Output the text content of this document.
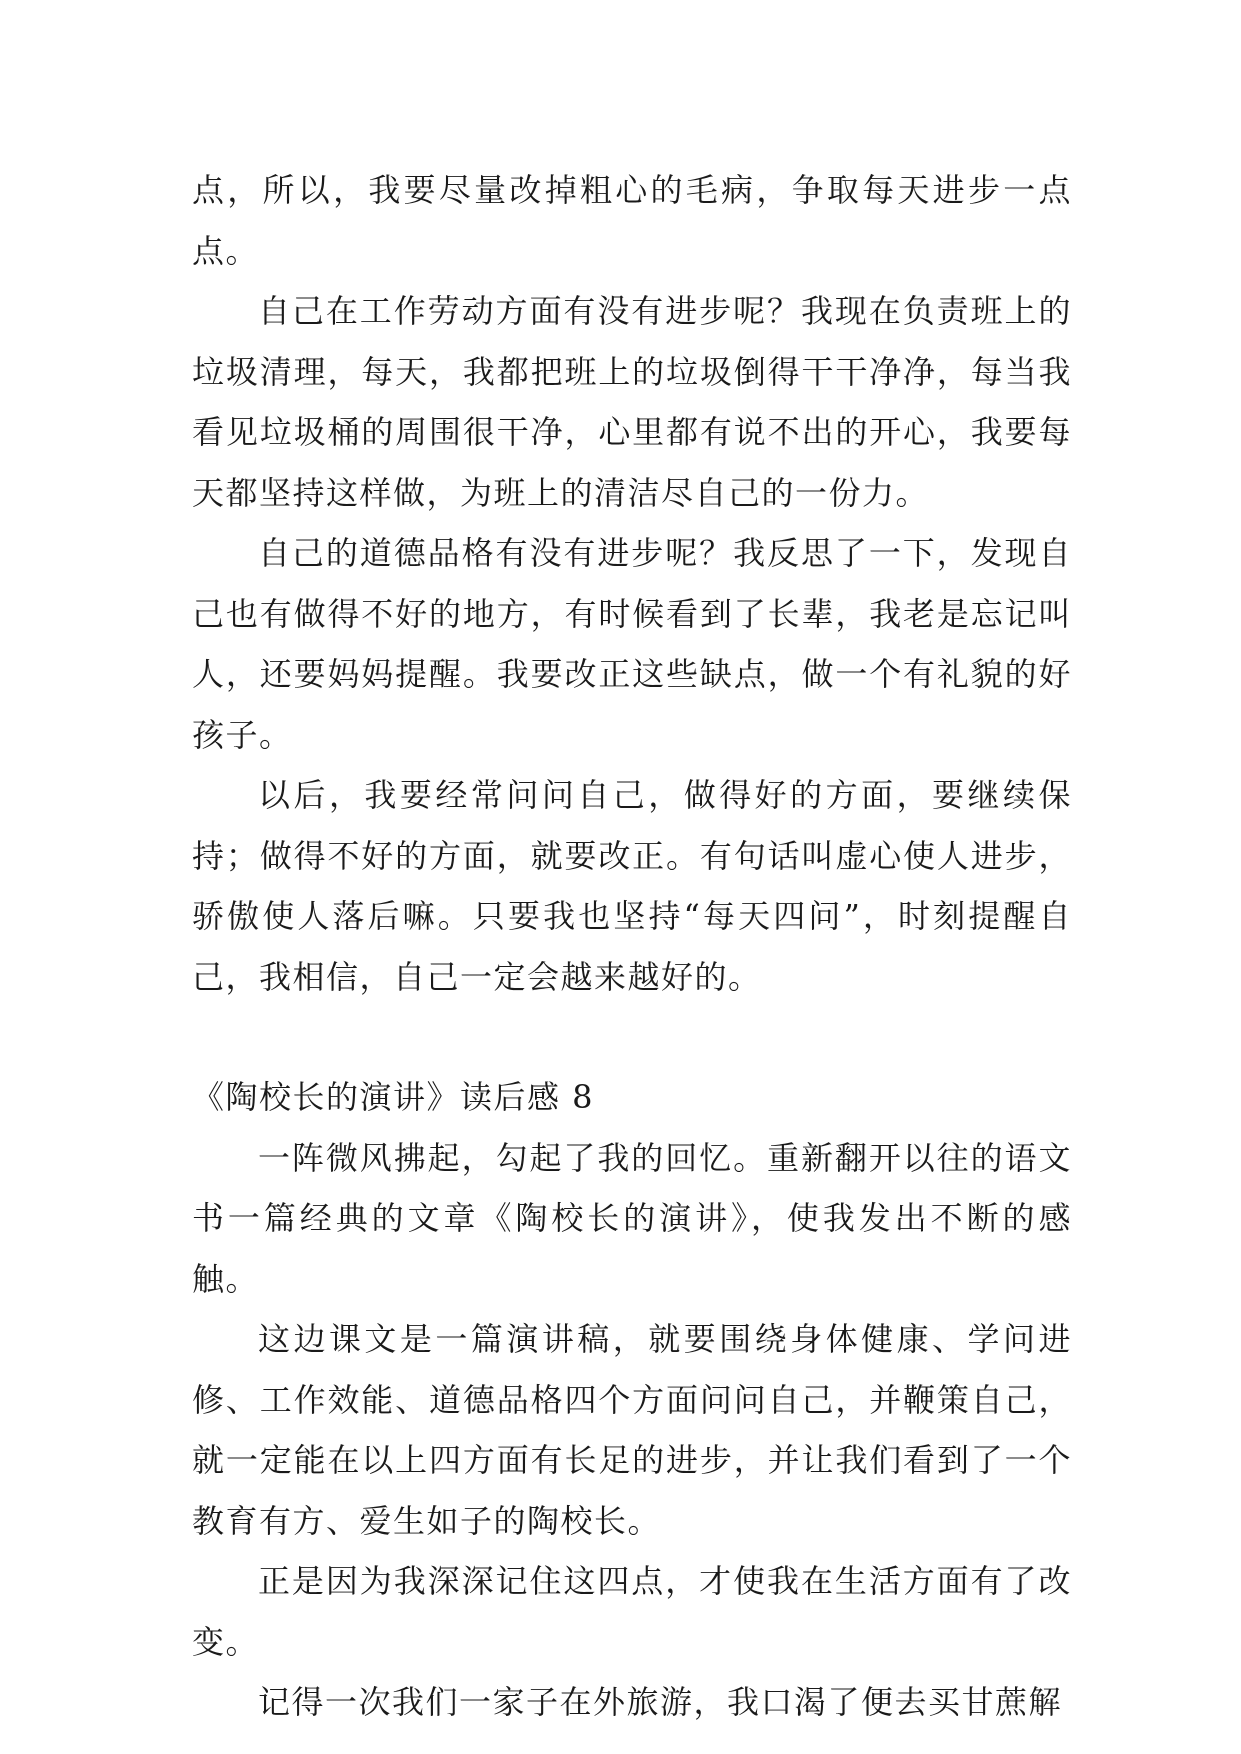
点，所以，我要尽量改掉粗心的毛病，争取每天进步一点点。

自己在工作劳动方面有没有进步呢？我现在负责班上的垃圾清理，每天，我都把班上的垃圾倒得干干净净，每当我看见垃圾桶的周围很干净，心里都有说不出的开心，我要每天都坚持这样做，为班上的清洁尽自己的一份力。

自己的道德品格有没有进步呢？我反思了一下，发现自己也有做得不好的地方，有时候看到了长辈，我老是忘记叫人，还要妈妈提醒。我要改正这些缺点，做一个有礼貌的好孩子。

以后，我要经常问问自己，做得好的方面，要继续保持；做得不好的方面，就要改正。有句话叫虚心使人进步，骄傲使人落后嘛。只要我也坚持“每天四问”，时刻提醒自己，我相信，自己一定会越来越好的。

《陶校长的演讲》读后感 8

一阵微风拂起，勾起了我的回忆。重新翻开以往的语文书一篇经典的文章《陶校长的演讲》，使我发出不断的感触。

这边课文是一篇演讲稿，就要围绕身体健康、学问进修、工作效能、道德品格四个方面问问自己，并鞭策自己，就一定能在以上四方面有长足的进步，并让我们看到了一个教育有方、爱生如子的陶校长。

正是因为我深深记住这四点，才使我在生活方面有了改变。

记得一次我们一家子在外旅游，我口渴了便去买甘蔗解
